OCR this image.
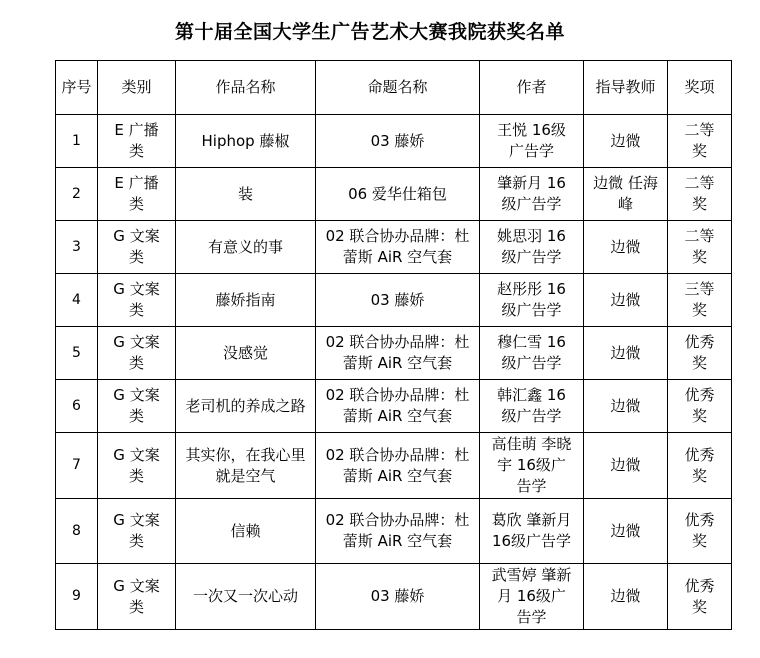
第十届全国大学生广告艺术大赛我院获奖名单
序号	类别	作品名称	命题名称	作者	指导教师	奖项
1	E 广播类	Hiphop 藤椒	03 藤娇	王悦 16级广告学	边微	二等奖
2	E 广播类	装	06 爱华仕箱包	肇新月 16级广告学	边微 任海峰	二等奖
3	G 文案类	有意义的事	02 联合协办品牌：杜蕾斯 AiR 空气套	姚思羽 16级广告学	边微	二等奖
4	G 文案类	藤娇指南	03 藤娇	赵彤彤 16级广告学	边微	三等奖
5	G 文案类	没感觉	02 联合协办品牌：杜蕾斯 AiR 空气套	穆仁雪 16级广告学	边微	优秀奖
6	G 文案类	老司机的养成之路	02 联合协办品牌：杜蕾斯 AiR 空气套	韩汇鑫 16级广告学	边微	优秀奖
7	G 文案类	其实你，在我心里就是空气	02 联合协办品牌：杜蕾斯 AiR 空气套	高佳萌 李晓宇 16级广告学	边微	优秀奖
8	G 文案类	信赖	02 联合协办品牌：杜蕾斯 AiR 空气套	葛欣 肇新月 16级广告学	边微	优秀奖
9	G 文案类	一次又一次心动	03 藤娇	武雪婷 肇新月 16级广告学	边微	优秀奖
